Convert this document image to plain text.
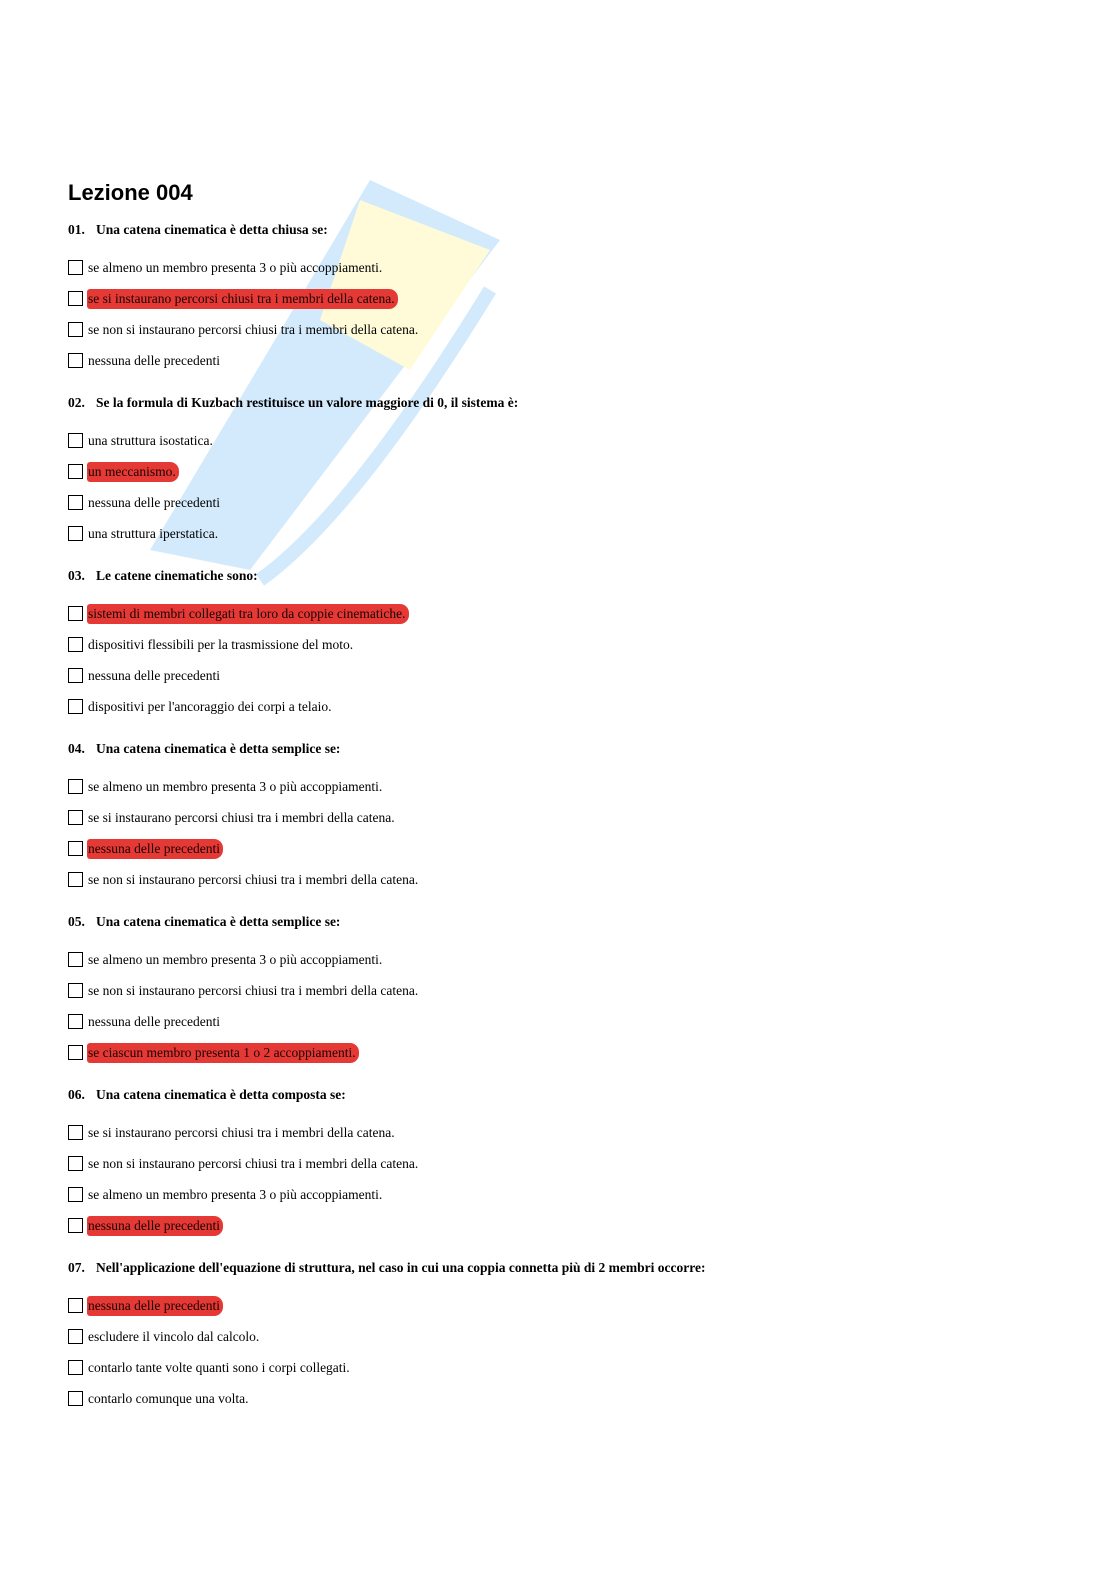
Lezione 004
01. Una catena cinematica è detta chiusa se:
se almeno un membro presenta 3 o più accoppiamenti.
se si instaurano percorsi chiusi tra i membri della catena.
se non si instaurano percorsi chiusi tra i membri della catena.
nessuna delle precedenti
02. Se la formula di Kuzbach restituisce un valore maggiore di 0, il sistema è:
una struttura isostatica.
un meccanismo.
nessuna delle precedenti
una struttura iperstatica.
03. Le catene cinematiche sono:
sistemi di membri collegati tra loro da coppie cinematiche.
dispositivi flessibili per la trasmissione del moto.
nessuna delle precedenti
dispositivi per l'ancoraggio dei corpi a telaio.
04. Una catena cinematica è detta semplice se:
se almeno un membro presenta 3 o più accoppiamenti.
se si instaurano percorsi chiusi tra i membri della catena.
nessuna delle precedenti
se non si instaurano percorsi chiusi tra i membri della catena.
05. Una catena cinematica è detta semplice se:
se almeno un membro presenta 3 o più accoppiamenti.
se non si instaurano percorsi chiusi tra i membri della catena.
nessuna delle precedenti
se ciascun membro presenta 1 o 2 accoppiamenti.
06. Una catena cinematica è detta composta se:
se si instaurano percorsi chiusi tra i membri della catena.
se non si instaurano percorsi chiusi tra i membri della catena.
se almeno un membro presenta 3 o più accoppiamenti.
nessuna delle precedenti
07. Nell'applicazione dell'equazione di struttura, nel caso in cui una coppia connetta più di 2 membri occorre:
nessuna delle precedenti
escludere il vincolo dal calcolo.
contarlo tante volte quanti sono i corpi collegati.
contarlo comunque una volta.
